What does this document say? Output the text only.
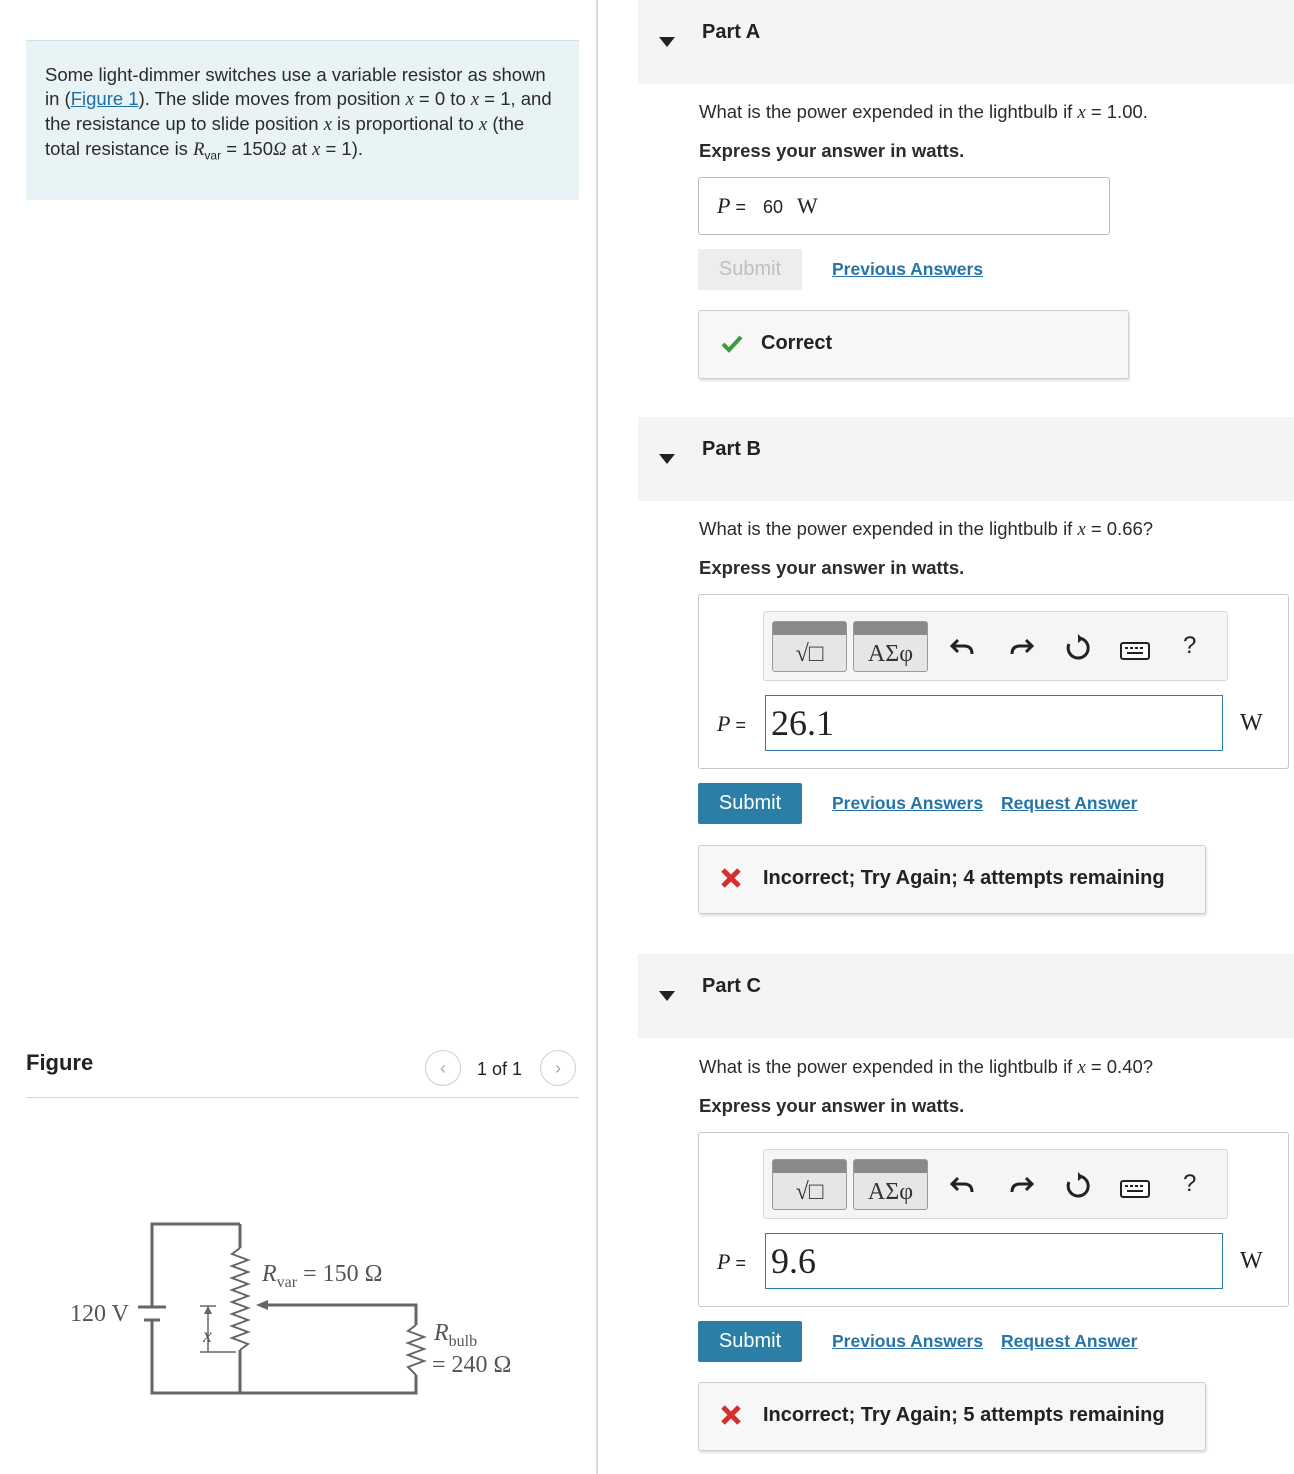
Some light-dimmer switches use a variable resistor as shown in (Figure 1). The slide moves from position x = 0 to x = 1, and the resistance up to slide position x is proportional to x (the total resistance is $R_{var} = 150\Omega$ at x = 1).
Figure	‹	1 of 1	›
$R_{var} = 150$ Ω
120 V
x	$R_{bulb}$
= 240 Ω
Part A
What is the power expended in the lightbulb if x = 1.00.
Express your answer in watts.
P = 60 W
Submit	Previous Answers
Correct
Part B
What is the power expended in the lightbulb if x = 0.66?
Express your answer in watts.
√□	ΑΣφ	?
P = 26.1	W
Submit	Previous Answers Request Answer
Incorrect; Try Again; 4 attempts remaining
Part C
What is the power expended in the lightbulb if x = 0.40?
Express your answer in watts.
√□	ΑΣφ	?
P = 9.6	W
Submit	Previous Answers Request Answer
Incorrect; Try Again; 5 attempts remaining
